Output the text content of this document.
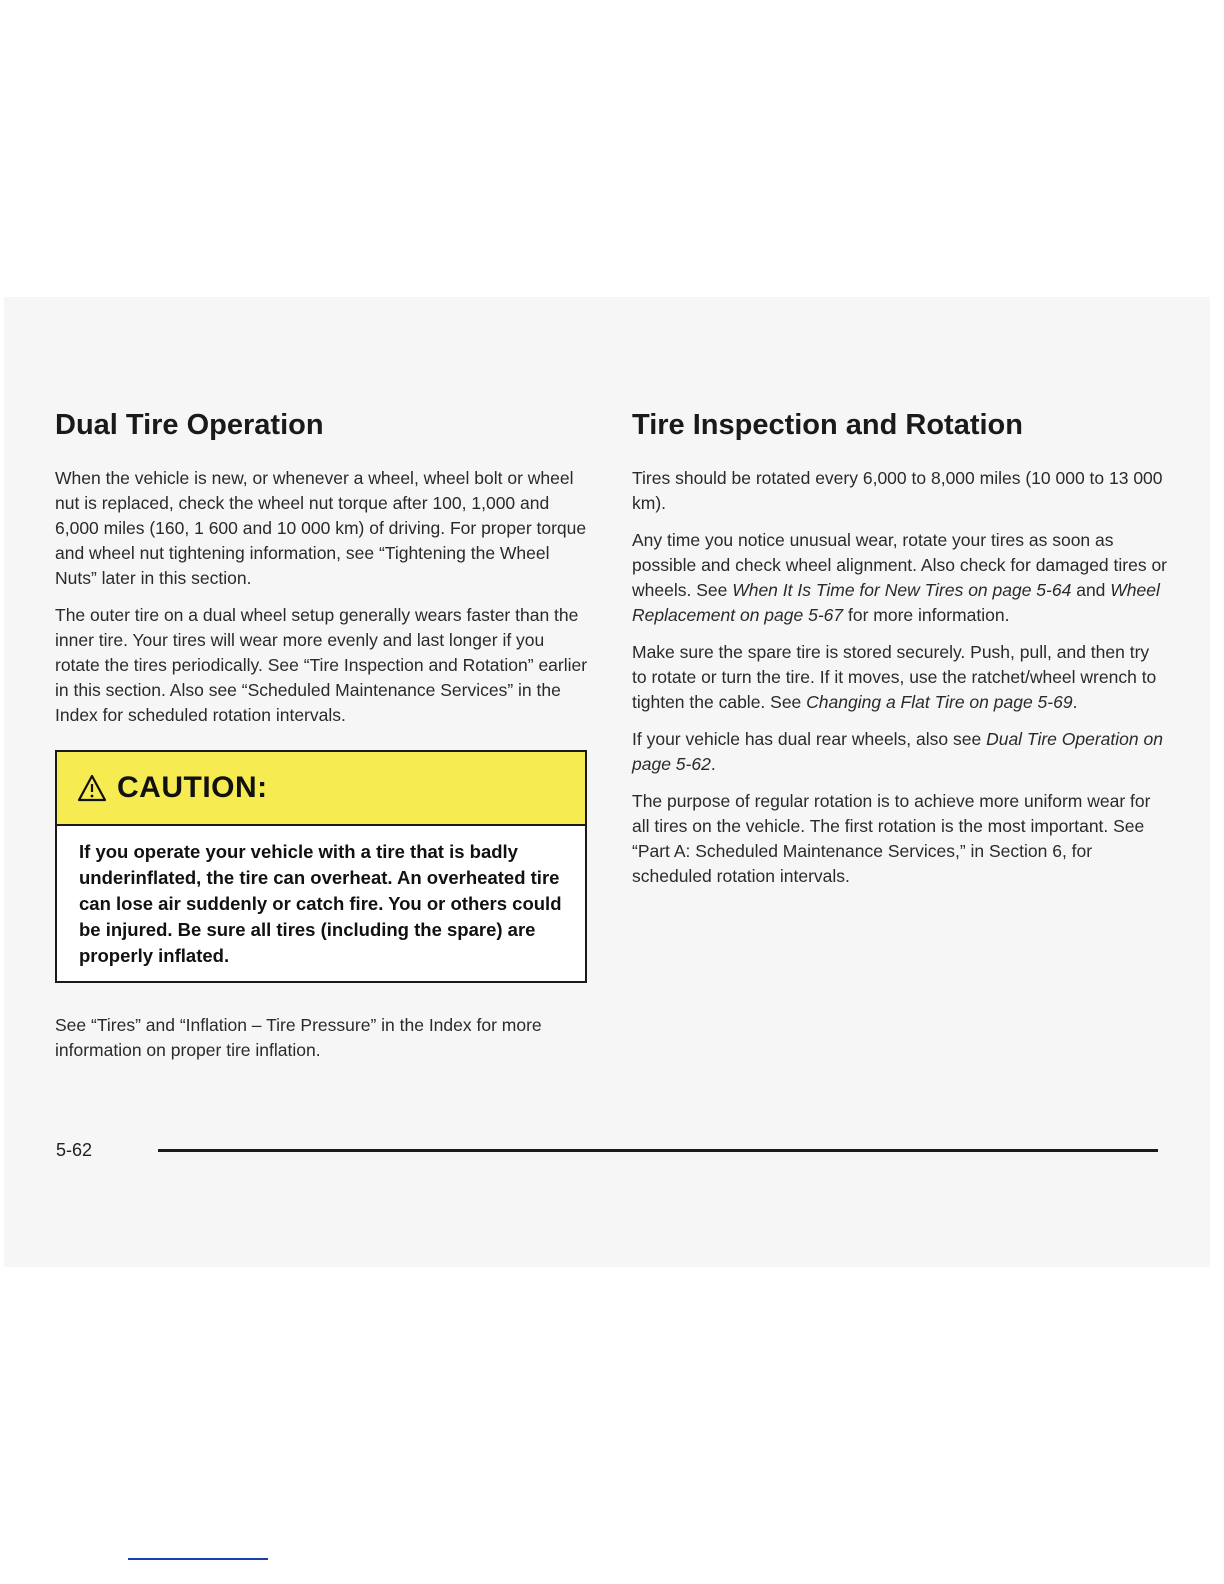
Dual Tire Operation

When the vehicle is new, or whenever a wheel, wheel bolt or wheel nut is replaced, check the wheel nut torque after 100, 1,000 and 6,000 miles (160, 1 600 and 10 000 km) of driving. For proper torque and wheel nut tightening information, see “Tightening the Wheel Nuts” later in this section.

The outer tire on a dual wheel setup generally wears faster than the inner tire. Your tires will wear more evenly and last longer if you rotate the tires periodically. See “Tire Inspection and Rotation” earlier in this section. Also see “Scheduled Maintenance Services” in the Index for scheduled rotation intervals.

CAUTION:
If you operate your vehicle with a tire that is badly underinflated, the tire can overheat. An overheated tire can lose air suddenly or catch fire. You or others could be injured. Be sure all tires (including the spare) are properly inflated.

See “Tires” and “Inflation – Tire Pressure” in the Index for more information on proper tire inflation.

Tire Inspection and Rotation

Tires should be rotated every 6,000 to 8,000 miles (10 000 to 13 000 km).

Any time you notice unusual wear, rotate your tires as soon as possible and check wheel alignment. Also check for damaged tires or wheels. See When It Is Time for New Tires on page 5-64 and Wheel Replacement on page 5-67 for more information.

Make sure the spare tire is stored securely. Push, pull, and then try to rotate or turn the tire. If it moves, use the ratchet/wheel wrench to tighten the cable. See Changing a Flat Tire on page 5-69.

If your vehicle has dual rear wheels, also see Dual Tire Operation on page 5-62.

The purpose of regular rotation is to achieve more uniform wear for all tires on the vehicle. The first rotation is the most important. See “Part A: Scheduled Maintenance Services,” in Section 6, for scheduled rotation intervals.

5-62
